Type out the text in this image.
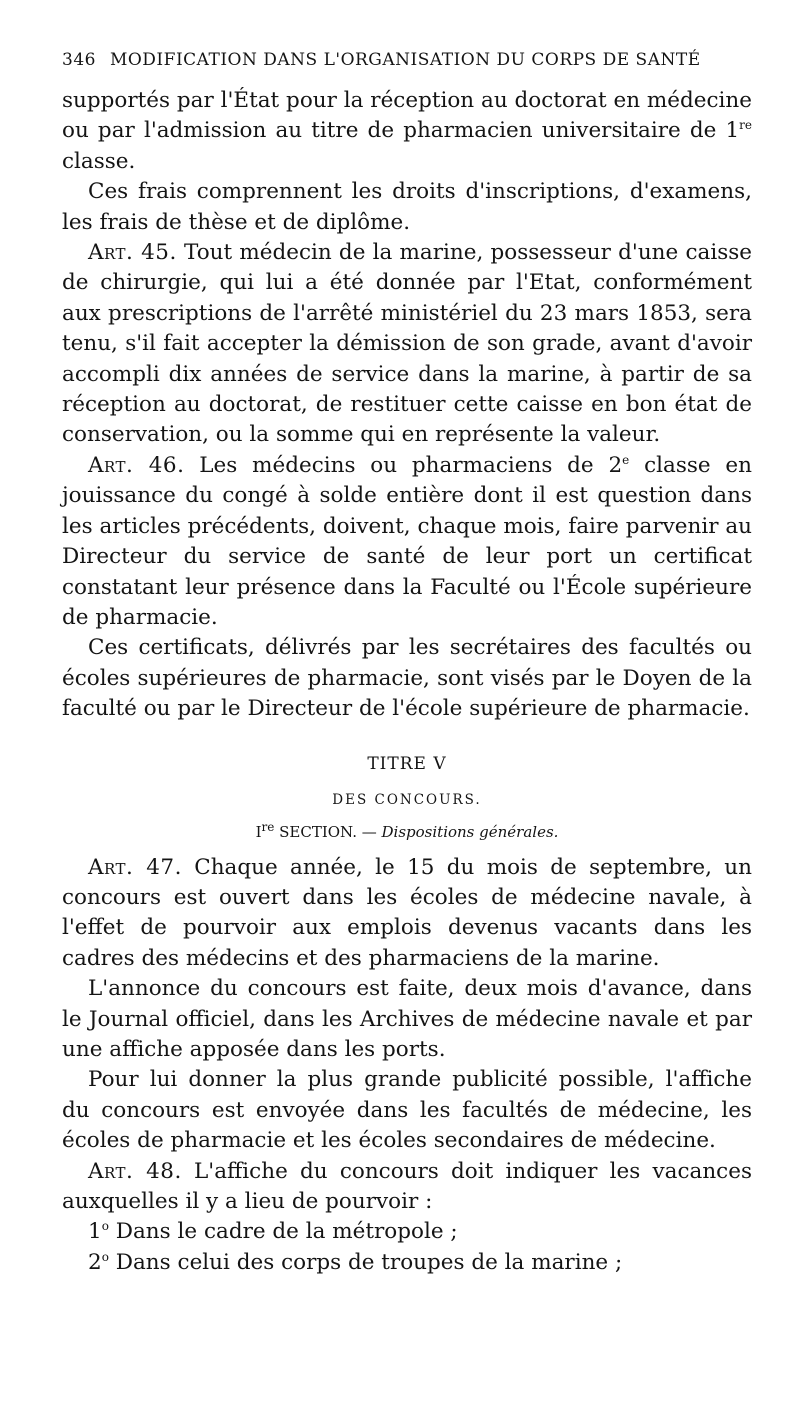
346 MODIFICATION DANS L'ORGANISATION DU CORPS DE SANTÉ

supportés par l'État pour la réception au doctorat en médecine ou par l'admission au titre de pharmacien universitaire de 1re classe.

Ces frais comprennent les droits d'inscriptions, d'examens, les frais de thèse et de diplôme.

Art. 45. Tout médecin de la marine, possesseur d'une caisse de chirurgie, qui lui a été donnée par l'Etat, conformément aux prescriptions de l'arrêté ministériel du 23 mars 1853, sera tenu, s'il fait accepter la démission de son grade, avant d'avoir accompli dix années de service dans la marine, à partir de sa réception au doctorat, de restituer cette caisse en bon état de conservation, ou la somme qui en représente la valeur.

Art. 46. Les médecins ou pharmaciens de 2e classe en jouissance du congé à solde entière dont il est question dans les articles précédents, doivent, chaque mois, faire parvenir au Directeur du service de santé de leur port un certificat constatant leur présence dans la Faculté ou l'École supérieure de pharmacie.

Ces certificats, délivrés par les secrétaires des facultés ou écoles supérieures de pharmacie, sont visés par le Doyen de la faculté ou par le Directeur de l'école supérieure de pharmacie.

TITRE V

DES CONCOURS.

Ire SECTION. — Dispositions générales.

Art. 47. Chaque année, le 15 du mois de septembre, un concours est ouvert dans les écoles de médecine navale, à l'effet de pourvoir aux emplois devenus vacants dans les cadres des médecins et des pharmaciens de la marine.

L'annonce du concours est faite, deux mois d'avance, dans le Journal officiel, dans les Archives de médecine navale et par une affiche apposée dans les ports.

Pour lui donner la plus grande publicité possible, l'affiche du concours est envoyée dans les facultés de médecine, les écoles de pharmacie et les écoles secondaires de médecine.

Art. 48. L'affiche du concours doit indiquer les vacances auxquelles il y a lieu de pourvoir :

1$^o$ Dans le cadre de la métropole ;

2$^o$ Dans celui des corps de troupes de la marine ;
